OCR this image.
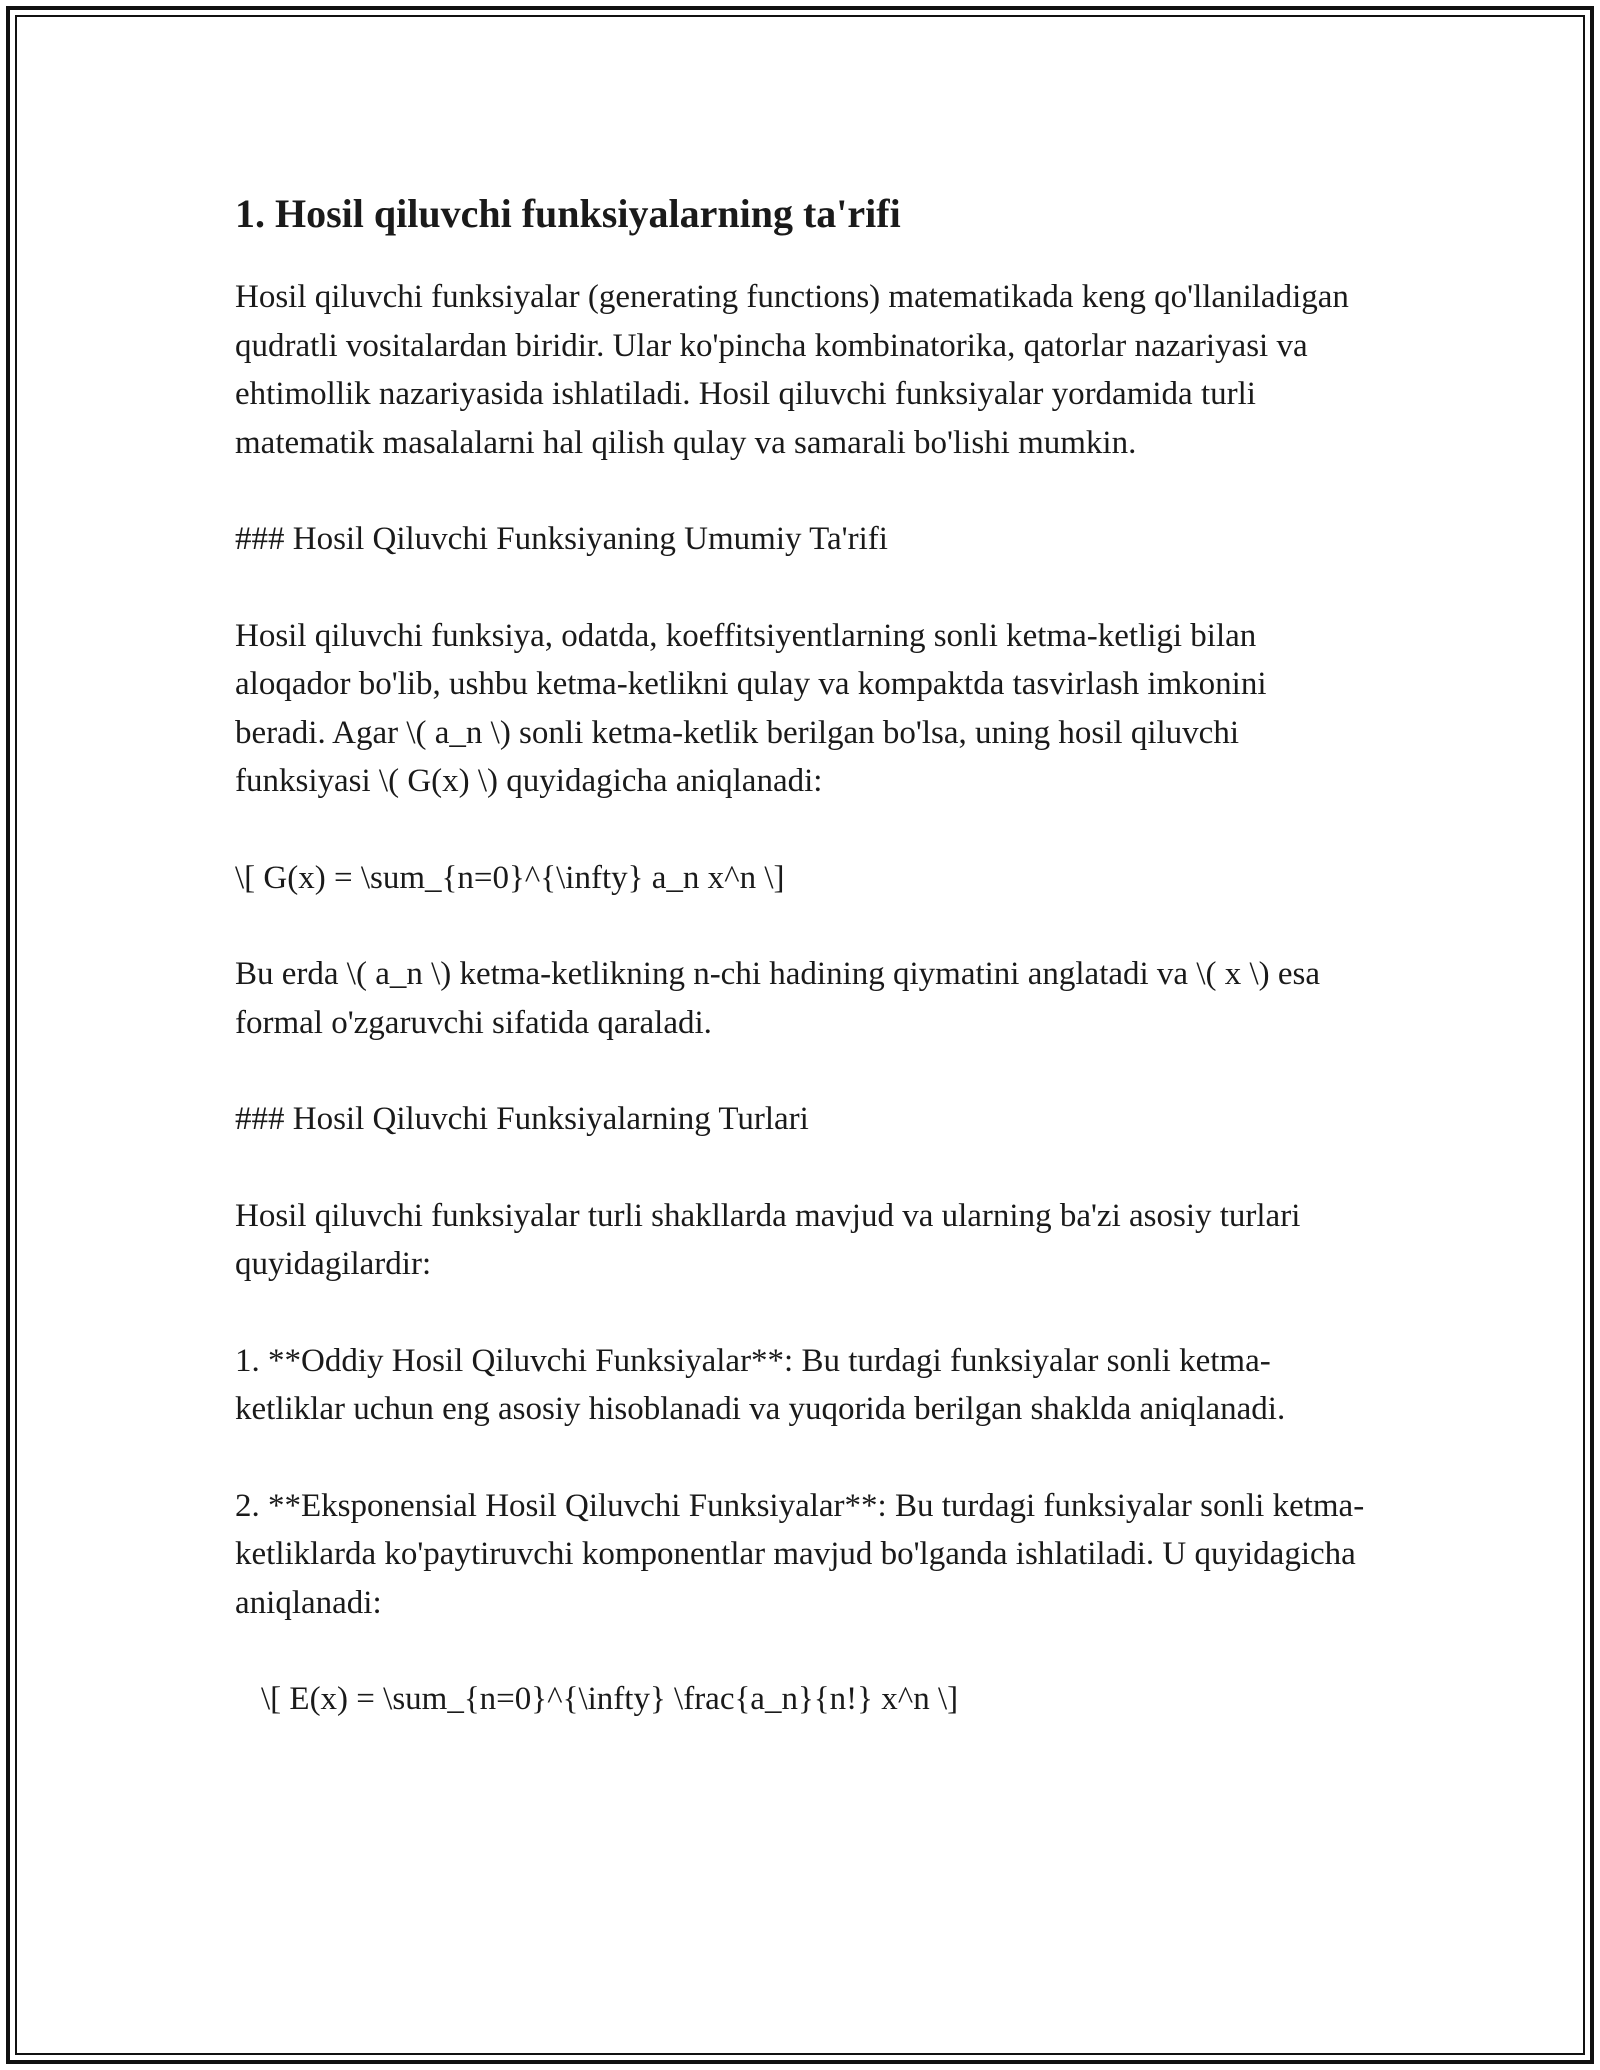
1. Hosil qiluvchi funksiyalarning ta'rifi

Hosil qiluvchi funksiyalar (generating functions) matematikada keng qo'llaniladigan qudratli vositalardan biridir. Ular ko'pincha kombinatorika, qatorlar nazariyasi va ehtimollik nazariyasida ishlatiladi. Hosil qiluvchi funksiyalar yordamida turli matematik masalalarni hal qilish qulay va samarali bo'lishi mumkin.

### Hosil Qiluvchi Funksiyaning Umumiy Ta'rifi

Hosil qiluvchi funksiya, odatda, koeffitsiyentlarning sonli ketma-ketligi bilan aloqador bo'lib, ushbu ketma-ketlikni qulay va kompaktda tasvirlash imkonini beradi. Agar \( a_n \) sonli ketma-ketlik berilgan bo'lsa, uning hosil qiluvchi funksiyasi \( G(x) \) quyidagicha aniqlanadi:

\[ G(x) = \sum_{n=0}^{\infty} a_n x^n \]

Bu erda \( a_n \) ketma-ketlikning n-chi hadining qiymatini anglatadi va \( x \) esa formal o'zgaruvchi sifatida qaraladi.

### Hosil Qiluvchi Funksiyalarning Turlari

Hosil qiluvchi funksiyalar turli shakllarda mavjud va ularning ba'zi asosiy turlari quyidagilardir:

1. **Oddiy Hosil Qiluvchi Funksiyalar**: Bu turdagi funksiyalar sonli ketma-ketliklar uchun eng asosiy hisoblanadi va yuqorida berilgan shaklda aniqlanadi.

2. **Eksponensial Hosil Qiluvchi Funksiyalar**: Bu turdagi funksiyalar sonli ketma-ketliklarda ko'paytiruvchi komponentlar mavjud bo'lganda ishlatiladi. U quyidagicha aniqlanadi:

\[ E(x) = \sum_{n=0}^{\infty} \frac{a_n}{n!} x^n \]
